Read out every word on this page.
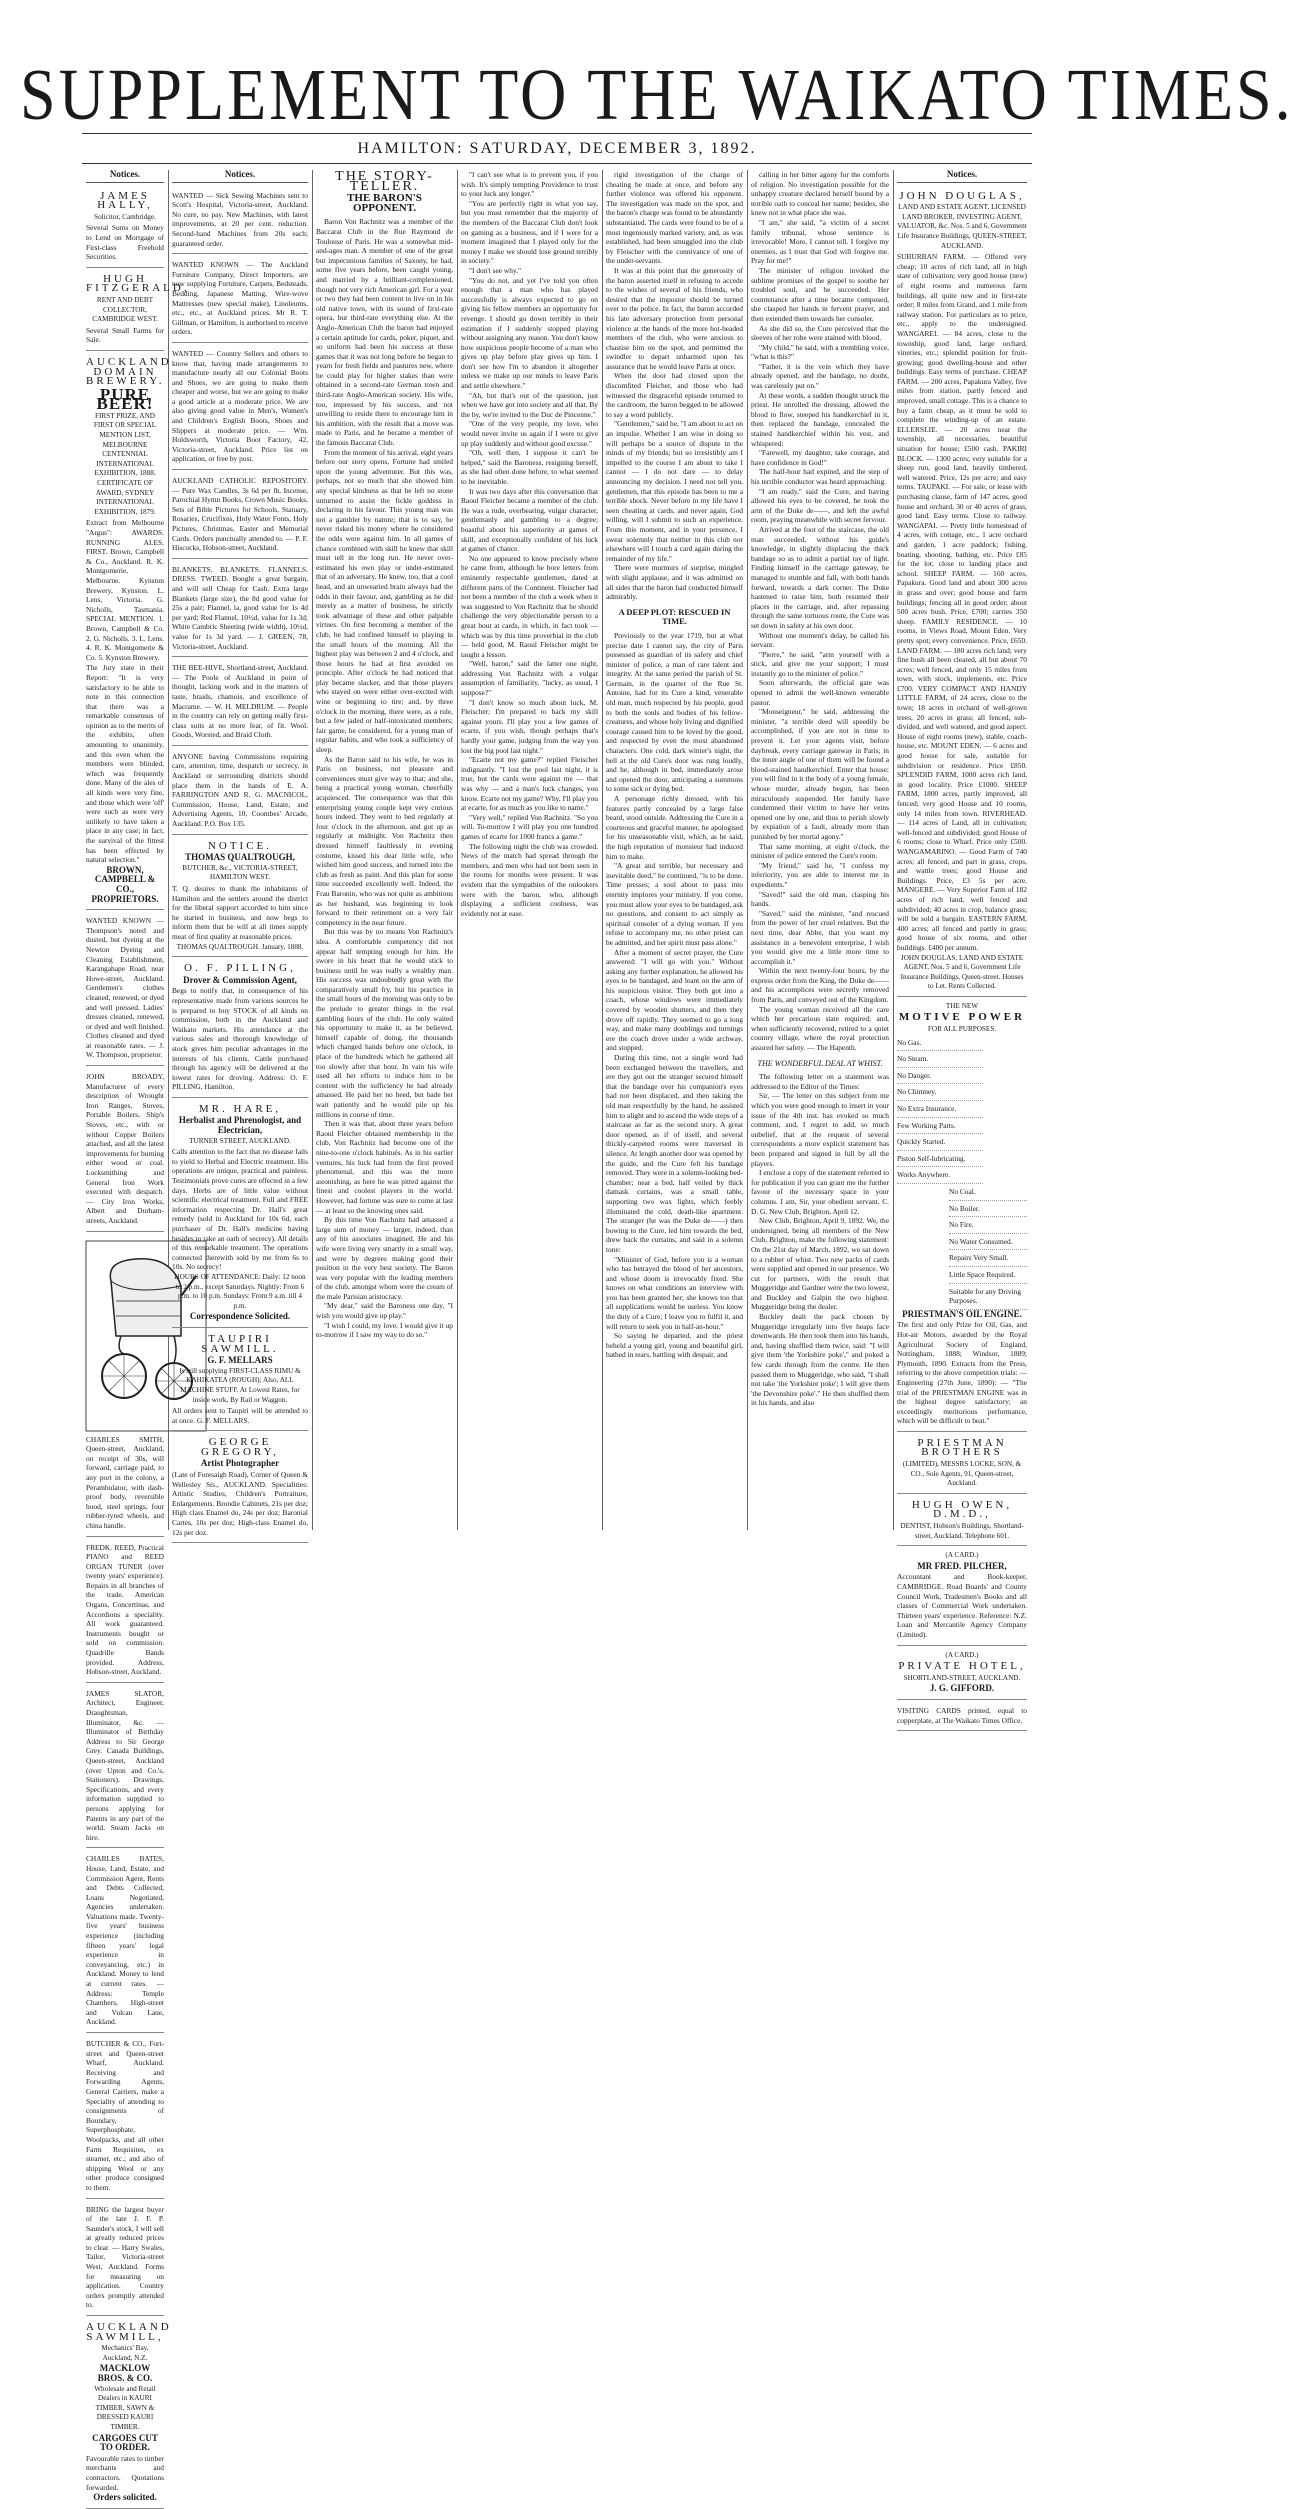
SUPPLEMENT TO THE WAIKATO TIMES.
HAMILTON: SATURDAY, DECEMBER 3, 1892.
Notices.
JAMES HALLY,
Solicitor, Cambridge.

Several Sums on Money to Lend on Mortgage of First-class Freehold Securities.

HUGH FITZGERALD,
RENT AND DEBT COLLECTOR, CAMBRIDGE WEST.

Several Small Farms for Sale.

AUCKLAND DOMAIN BREWERY.
PURE BEER!

FIRST PRIZE, AND FIRST OR SPECIAL MENTION LIST, MELBOURNE CENTENNIAL INTERNATIONAL EXHIBITION, 1888. CERTIFICATE OF AWARD, SYDNEY INTERNATIONAL EXHIBITION, 1879.

Extract from Melbourne "Argus": AWARDS. RUNNING ALES. FIRST. Brown, Campbell & Co., Auckland. R. K. Montgomerie, Melbourne. Kynston Brewery, Kynston. L. Lens, Victoria. G. Nicholls, Tasmania. SPECIAL MENTION. 1. Brown, Campbell & Co. 2. G. Nicholls. 3. L. Lens. 4. R. K. Montgomerie & Co. 5. Kynston Brewery.

The Jury state in their Report: "It is very satisfactory to be able to note in this connection that there was a remarkable consensus of opinion as to the merits of the exhibits, often amounting to unanimity, and this even when the members were blinded, which was frequently done. Many of the ales of all kinds were very fine, and those which were 'off' were such as were very unlikely to have taken a place in any case; in fact, the survival of the fittest has been effected by natural selection."

BROWN, CAMPBELL & CO., PROPRIETORS.

WANTED KNOWN — Thompson's noted and dusted, but dyeing at the Newton Dyeing and Cleaning Establishment, Karangahape Road, near Howe-street, Auckland. Gentlemen's clothes cleaned, renewed, or dyed and well pressed. Ladies' dresses cleaned, renewed, or dyed and well finished. Clothes cleaned and dyed at reasonable rates. — J. W. Thompson, proprietor.

JOHN BROADY, Manufacturer of every description of Wrought Iron Ranges, Stoves, Portable Boilers, Ship's Stoves, etc., with or without Copper Boilers attached, and all the latest improvements for burning either wood or coal. Locksmithing and General Iron Work executed with despatch. — City Iron Works, Albert and Durham-streets, Auckland.

CHARLES SMITH, Queen-street, Auckland, on receipt of 30s, will forward, carriage paid, to any port in the colony, a Perambulator, with dash-proof body, reversible hood, steel springs, four rubber-tyred wheels, and china handle.

FREDK. REED, Practical PIANO and REED ORGAN TUNER (over twenty years' experience). Repairs in all branches of the trade. American Organs, Concertinas, and Accordions a speciality. All work guaranteed. Instruments bought or sold on commission. Quadrille Bands provided. Address, Hobson-street, Auckland.

JAMES SLATOR, Architect, Engineer, Draughtsman, Illuminator, &c. — Illuminator of Birthday Address to Sir George Grey. Canada Buildings, Queen-street, Auckland (over Upton and Co.'s, Stationers). Drawings, Specifications, and every information supplied to persons applying for Patents in any part of the world. Steam Jacks on hire.

CHARLES BATES, House, Land, Estate, and Commission Agent, Rents and Debts Collected, Loans Negotiated, Agencies undertaken. Valuations made. Twenty-five years' business experience (including fifteen years' legal experience in conveyancing, etc.) in Auckland. Money to lend at current rates. — Address: Temple Chambers, High-street and Vulcan Lane, Auckland.

BUTCHER & CO., Fort-street and Queen-street Wharf, Auckland. Receiving and Forwarding Agents, General Carriers, make a Speciality of attending to consignments of Boundary, Superphosphate, Woolpacks, and all other Farm Requisites, ex steamer, etc.; and also of shipping Wool or any other produce consigned to them.

BRING the largest buyer of the late J. F. P. Saunder's stock, I will sell at greatly reduced prices to clear. — Harry Swales, Tailor, Victoria-street West, Auckland. Forms for measuring on application. Country orders promptly attended to.

AUCKLAND SAWMILL,
Mechanics' Bay, Auckland, N.Z.
MACKLOW BROS. & CO.
Wholesale and Retail Dealers in KAURI TIMBER, SAWN & DRESSED KAURI TIMBER.
CARGOES CUT TO ORDER.

Favourable rates to timber merchants and contractors. Quotations forwarded.

Orders solicited.
Notices.

WANTED — Sick Sewing Machines sent to Scott's Hospital, Victoria-street, Auckland. No cure, no pay. New Machines, with latest improvements, at 20 per cent. reduction. Second-hand Machines from 20s each; guaranteed order.

WANTED KNOWN — The Auckland Furniture Company, Direct Importers, are now supplying Furniture, Carpets, Bedsteads, Bedding, Japanese Matting, Wire-wove Mattresses (new special make), Linoleums, etc., etc., at Auckland prices. Mr R. T. Gillman, or Hamilton, is authorised to receive orders.

WANTED — Country Sellers and others to know that, having made arrangements to manufacture nearly all our Colonial Boots and Shoes, we are going to make them cheaper and worse, but we are going to make a good article at a moderate price. We are also giving good value in Men's, Women's and Children's English Boots, Shoes and Slippers at moderate price. — Wm. Holdsworth, Victoria Boot Factory, 42, Victoria-street, Auckland. Price list on application, or free by post.

AUCKLAND CATHOLIC REPOSITORY. — Pure Wax Candles, 3s 6d per lb, Incense, Parochial Hymn Books, Crown Music Books, Sets of Bible Pictures for Schools, Statuary, Rosaries, Crucifixes, Holy Water Fonts, Holy Pictures, Christmas, Easter and Memorial Cards. Orders punctually attended to. — P. F. Hiscocks, Hobson-street, Auckland.

BLANKETS. BLANKETS. FLANNELS. DRESS. TWEED. Bought a great bargain, and will sell Cheap for Cash. Extra large Blankets (large size), the 8d good value for 25s a pair; Flannel, la, good value for 1s 4d per yard; Red Flannel, 10½d, value for 1s 3d; White Cambric Sheeting (wide width), 10½d, value for 1s 3d yard. — J. GREEN, 78, Victoria-street, Auckland.

THE BEE-HIVE, Shortland-street, Auckland. — The Poole of Auckland in point of thought, lacking work and in the matters of taste, braids, chamois, and excellence of Macrame. — W. H. MELDRUM. — People in the country can rely on getting really first-class suits at no more fear, of fit. Wool. Goods, Worsted, and Braid Cloth.

ANYONE having Commissions requiring care, attention, time, despatch or secrecy, in Auckland or surrounding districts should place them in the hands of E. A. FARRINGTON AND R. G. MACNICOL, Commission, House, Land, Estate, and Advertising Agents, 10, Coombes' Arcade, Auckland. P.O. Box 135.

NOTICE.
THOMAS QUALTROUGH,
BUTCHER, &c., VICTORIA-STREET, HAMILTON WEST.

T. Q. desires to thank the inhabitants of Hamilton and the settlers around the district for the liberal support accorded to him since he started in business, and now begs to inform them that he will at all times supply meat of first quality at reasonable prices.

THOMAS QUALTROUGH. January, 1888.
O. F. PILLING,
Drover & Commission Agent,

Begs to notify that, in consequence of his representative made from various sources he is prepared to buy STOCK of all kinds on commission, both in the Auckland and Waikato markets. His attendance at the various sales and thorough knowledge of stock gives him peculiar advantages in the interests of his clients. Cattle purchased through his agency will be delivered at the lowest rates for droving. Address: O. F. PILLING, Hamilton.

MR. HARE,
Herbalist and Phrenologist, and Electrician,
TURNER STREET, AUCKLAND.

Calls attention to the fact that no disease fails to yield to Herbal and Electric treatment. His operations are unique, practical and painless. Testimonials prove cures are effected in a few days. Herbs are of little value without scientific electrical treatment. Full and FREE information respecting Dr. Hall's great remedy (sold in Auckland for 10s 6d, each purchaser of Dr. Hall's medicine having besides to take an oath of secrecy). All details of this remarkable treatment. The operations connected therewith sold by me from 6s to 10s. No secrecy!

HOURS OF ATTENDANCE: Daily: 12 noon to 2 p.m., except Saturdays. Nightly: From 6 p.m. to 10 p.m. Sundays: From 9 a.m. till 4 p.m.

Correspondence Solicited.
TAUPIRI SAWMILL.
G. F. MELLARS

Is still supplying FIRST-CLASS RIMU & KAHIKATEA (ROUGH); Also, ALL MACHINE STUFF. At Lowest Rates, for inside work, By Rail or Waggon.

All orders sent to Taupiri will be attended to at once. G. F. MELLARS.

GEORGE GREGORY,
Artist Photographer

(Late of Foresaigh Road), Corner of Queen & Wellesley Sts., AUCKLAND. Specialities: Artistic Studies, Children's Portraiture, Enlargements. Brondie Cabinets, 21s per doz; High class Enamel do, 24s per doz; Baronial Cartes, 10s per doz; High-class Enamel do, 12s per doz.

THE STORY-TELLER.
THE BARON'S OPPONENT.

Baron Von Rachnitz was a member of the Baccarat Club in the Rue Raymond de Toulouse of Paris. He was a somewhat mid-and-ages man. A member of one of the great but impecunious families of Saxony, he had, some five years before, been caught young, and married by a brilliant-complexioned, though not very rich American girl. For a year or two they had been content to live on in his old native town, with its sound of first-rate opera, but third-rate everything else. At the Anglo-American Club the baron had enjoyed a certain aptitude for cards, poker, piquet, and so uniform had been his success at these games that it was not long before he began to yearn for fresh fields and pastures new, where he could play for higher stakes than were obtained in a second-rate German town and third-rate Anglo-American society. His wife, too, impressed by his success, and not unwilling to reside there to encourage him in his ambition, with the result that a move was made to Paris, and he became a member of the famous Baccarat Club.

From the moment of his arrival, eight years before our story opens, Fortune had smiled upon the young adventurer. But this was, perhaps, not so much that she showed him any special kindness as that he left no stone unturned to assist the fickle goddess in declaring in his favour. This young man was not a gambler by nature; that is to say, he never risked his money where he considered the odds were against him. In all games of chance combined with skill he knew that skill must tell in the long run. He never over-estimated his own play or under-estimated that of an adversary. He knew, too, that a cool head, and an unwearied brain always had the odds in their favour, and, gambling as he did merely as a matter of business, he strictly took advantage of these and other palpable virtues. On first becoming a member of the club, he had confined himself to playing in the small hours of the morning. All the highest play was between 2 and 4 o'clock, and those hours he had at first avoided on principle. After o'clock he had noticed that play became slacker, and that those players who stayed on were either over-excited with wine or beginning to tire; and, by three o'clock in the morning, there were, as a rule, but a few jaded or half-intoxicated members; fair game, he considered, for a young man of regular habits, and who took a sufficiency of sleep.

As the Baron said to his wife, he was in Paris on business, not pleasure and conveniences must give way to that; and she, being a practical young woman, cheerfully acquiesced. The consequence was that this enterprising young couple kept very curious hours indeed. They went to bed regularly at four o'clock in the afternoon, and got up as regularly at midnight. Von Rachnitz then dressed himself faultlessly in evening costume, kissed his dear little wife, who wished him good success, and turned into the club as fresh as paint. And this plan for some time succeeded excellently well. Indeed, the Frau Baronin, who was not quite as ambitious as her husband, was beginning to look forward to their retirement on a very fair competency in the near future.

But this was by no means Von Rachnitz's idea. A comfortable competency did not appear half tempting enough for him. He swore in his heart that he would stick to business until he was really a wealthy man. His success was undoubtedly great with the comparatively small fry, but his practice in the small hours of the morning was only to be the prelude to greater things in the real gambling hours of the club. He only waited his opportunity to make it, as he believed, himself capable of doing, the thousands which changed hands before one o'clock, in place of the hundreds which he gathered all too slowly after that hour. In vain his wife used all her efforts to induce him to be content with the sufficiency he had already amassed. He paid her no heed, but bade her wait patiently and he would pile up his millions in course of time.

Then it was that, about three years before Raoul Fleicher obtained membership in the club, Von Rachnitz had become one of the nine-to-one o'clock habitués. As in his earlier ventures, his luck had from the first proved phenomenal, and this was the more astonishing, as here he was pitted against the finest and coolest players in the world. However, had fortune was sure to come at last — at least so the knowing ones said.

By this time Von Rachnitz had amassed a large sum of money — larger, indeed, than any of his associates imagined. He and his wife were living very smartly in a small way, and were by degrees making good their position in the very best society. The Baron was very popular with the leading members of the club, amongst whom were the cream of the male Parisian aristocracy.

"My dear," said the Baroness one day, "I wish you would give up play."

"I wish I could, my love. I would give it up to-morrow if I saw my way to do so."

"I can't see what is to prevent you, if you wish. It's simply tempting Providence to trust to your luck any longer."

"You are perfectly right in what you say, but you must remember that the majority of the members of the Baccarat Club don't look on gaming as a business, and if I were for a moment imagined that I played only for the money I make we should lose ground terribly in society."

"I don't see why."

"You do not, and yet I've told you often enough that a man who has played successfully is always expected to go on giving his fellow members an opportunity for revenge. I should go down terribly in their estimation if I suddenly stopped playing without assigning any reason. You don't know how suspicious people become of a man who gives up play before play gives up him. I don't see how I'm to abandon it altogether unless we make up our minds to leave Paris and settle elsewhere."

"Ah, but that's out of the question, just when we have got into society and all that. By the by, we're invited to the Duc de Pincenne."

"One of the very people, my love, who would never invite us again if I were to give up play suddenly and without good excuse."

"Oh, well then, I suppose it can't be helped," said the Baroness, resigning herself, as she had often done before, to what seemed to be inevitable.

It was two days after this conversation that Raoul Fleicher became a member of the club. He was a rude, overbearing, vulgar character, gentlemanly and gambling to a degree; boastful about his superiority at games of skill, and exceptionally confident of his luck at games of chance.

No one appeared to know precisely where he came from, although he bore letters from eminently respectable gentlemen, dated at different parts of the Continent. Fleischer had not been a member of the club a week when it was suggested to Von Rachnitz that he should challenge the very objectionable person to a great bout at cards, in which, in fact took — which was by this time proverbial in the club — held good, M. Raoul Fleischer might be taught a lesson.

"Well, baron," said the latter one night, addressing Von Rachnitz with a vulgar assumption of familiarity, "lucky, as usual, I suppose?"

"I don't know so much about luck, M. Fleischer; I'm prepared to back my skill against yours. I'll play you a few games of ecarte, if you wish, though perhaps that's hardly your game, judging from the way you lost the big pool last night."

"Ecarte not my game?" replied Fleischer indignantly. "I lost the pool last night, it is true, but the cards were against me — that was why — and a man's luck changes, you know. Ecarte not my game? Why, I'll play you at ecarte, for as much as you like to name."

"Very well," replied Von Rachnitz. "So you will. To-morrow I will play you one hundred games of ecarte for 1000 francs a game."

The following night the club was crowded. News of the match had spread through the members, and men who had not been seen in the rooms for months were present. It was evident that the sympathies of the onlookers were with the baron, who, although displaying a sufficient coolness, was evidently not at ease.

rigid investigation of the charge of cheating be made at once, and before any further violence was offered his opponent. The investigation was made on the spot, and the baron's charge was found to be abundantly substantiated. The cards were found to be of a most ingeniously marked variety, and, as was established, had been smuggled into the club by Fleischer with the connivance of one of the under-servants.

It was at this point that the generosity of the baron asserted itself in refusing to accede to the wishes of several of his friends, who desired that the impostor should be turned over to the police. In fact, the baron accorded his late adversary protection from personal violence at the hands of the more hot-headed members of the club, who were anxious to chastise him on the spot, and permitted the swindler to depart unharmed upon his assurance that he would leave Paris at once.

When the door had closed upon the discomfited Fleicher, and those who had witnessed the disgraceful episode returned to the cardroom, the baron begged to be allowed to say a word publicly.

"Gentlemen," said he, "I am about to act on an impulse. Whether I am wise in doing so will perhaps be a source of dispute in the minds of my friends; but so irresistibly am I impelled to the course I am about to take I cannot — I do not dare — to delay announcing my decision. I need not tell you, gentlemen, that this episode has been to me a terrible shock. Never before in my life have I seen cheating at cards, and never again, God willing, will I submit to such an experience. From this moment, and in your presence, I swear solemnly that neither in this club nor elsewhere will I touch a card again during the remainder of my life."

There were murmurs of surprise, mingled with slight applause, and it was admitted on all sides that the baron had conducted himself admirably.

A DEEP PLOT: RESCUED IN TIME.

Previously to the year 1719, but at what precise date I cannot say, the city of Paris possessed as guardian of its safety and chief minister of police, a man of rare talent and integrity. At the same period the parish of St. Germain, in the quarter of the Rue St. Antoine, had for its Cure a kind, venerable old man, much respected by his people, good to both the souls and bodies of his fellow-creatures, and whose holy living and dignified courage caused him to be loved by the good, and respected by even the most abandoned characters. One cold, dark winter's night, the bell at the old Cure's door was rung loudly, and he, although in bed, immediately arose and opened the door, anticipating a summons to some sick or dying bed.

A personage richly dressed, with his features partly concealed by a large false beard, stood outside. Addressing the Cure in a courteous and graceful manner, he apologised for his unseasonable visit, which, as he said, the high reputation of monsieur had induced him to make.

"A great and terrible, but necessary and inevitable deed," he continued, "is to be done. Time presses; a soul about to pass into eternity implores your ministry. If you come, you must allow your eyes to be bandaged, ask no questions, and consent to act simply as spiritual consoler of a dying woman. If you refuse to accompany me, no other priest can be admitted, and her spirit must pass alone."

After a moment of secret prayer, the Cure answered: "I will go with you." Without asking any further explanation, he allowed his eyes to be bandaged, and leant on the arm of his suspicious visitor. They both got into a coach, whose windows were immediately covered by wooden shutters, and then they drove off rapidly. They seemed to go a long way, and make many doublings and turnings ere the coach drove under a wide archway, and stopped.

During this time, not a single word had been exchanged between the travellers, and ere they got out the stranger secured himself that the bandage over his companion's eyes had not been displaced, and then taking the old man respectfully by the hand, he assisted him to alight and to ascend the wide steps of a staircase as far as the second story. A great door opened, as if of itself, and several thickly-carpeted rooms were traversed in silence. At length another door was opened by the guide, and the Cure felt his bandage removed. They were in a solemn-looking bed-chamber; near a bed, half veiled by thick damask curtains, was a small table, supporting two wax lights, which feebly illuminated the cold, death-like apartment. The stranger (he was the Duke de——) then bowing to the Cure, led him towards the bed, drew back the curtains, and said in a solemn tone:

"Minister of God, before you is a woman who has betrayed the blood of her ancestors, and whose doom is irrevocably fixed. She knows on what conditions an interview with you has been granted her; she knows too that all supplications would be useless. You know the duty of a Cure; I leave you to fulfil it, and will return to seek you in half-an-hour."

So saying he departed, and the priest beheld a young girl, young and beautiful girl, bathed in tears, battling with despair, and

calling in her bitter agony for the comforts of religion. No investigation possible for the unhappy creature declared herself bound by a terrible oath to conceal her name; besides, she knew not in what place she was.

"I am," she said, "a victim of a secret family tribunal, whose sentence is irrevocable! More, I cannot tell. I forgive my enemies, as I trust that God will forgive me. Pray for me!"

The minister of religion invoked the sublime promises of the gospel to soothe her troubled soul, and he succeeded. Her countenance after a time became composed, she clasped her hands in fervent prayer, and then extended them towards her consoler.

As she did so, the Cure perceived that the sleeves of her robe were stained with blood.

"My child," he said, with a trembling voice, "what is this?"

"Father, it is the vein which they have already opened, and the bandage, no doubt, was carelessly put on."

At these words, a sudden thought struck the priest. He unrolled the dressing, allowed the blood to flow, steeped his handkerchief in it, then replaced the bandage, concealed the stained handkerchief within his vest, and whispered:

"Farewell, my daughter, take courage, and have confidence in God!"

The half-hour had expired, and the step of his terrible conductor was heard approaching.

"I am ready," said the Cure, and having allowed his eyes to be covered, he took the arm of the Duke de——, and left the awful room, praying meanwhile with secret fervour.

Arrived at the foot of the staircase, the old man succeeded, without his guide's knowledge, in slightly displacing the thick bandage so as to admit a partial ray of light. Finding himself in the carriage gateway, he managed to stumble and fall, with both hands forward, towards a dark corner. The Duke hastened to raise him, both resumed their places in the carriage, and, after repassing through the same tortuous route, the Cure was set down in safety at his own door.

Without one moment's delay, he called his servant.

"Pierre," he said, "arm yourself with a stick, and give me your support; I must instantly go to the minister of police."

Soon afterwards, the official gate was opened to admit the well-known venerable pastor.

"Monseigneur," he said, addressing the minister, "a terrible deed will speedily be accomplished, if you are not in time to prevent it. Let your agents visit, before daybreak, every carriage gateway in Paris; in the inner angle of one of them will be found a blood-stained handkerchief. Enter that house; you will find in it the body of a young female, whose murder, already begun, has been miraculously suspended. Her family have condemned their victim to have her veins opened one by one, and thus to perish slowly by expiation of a fault, already more than punished by her mortal agony."

That same morning, at eight o'clock, the minister of police entered the Cure's room.

"My friend," said he, "I confess my inferiority, you are able to interest me in expedients."

"Saved!" said the old man, clasping his hands.

"Saved," said the minister, "and rescued from the power of her cruel relatives. But the next time, dear Abbe, that you want my assistance in a benevolent enterprise, I wish you would give me a little more time to accomplish it."

Within the next twenty-four hours, by the express order from the King, the Duke de—— and his accomplices were secretly removed from Paris, and conveyed out of the Kingdom.

The young woman received all the care which her precarious state required; and, when sufficiently recovered, retired to a quiet country village, where the royal protection assured her safety. — The Hapenth.

THE WONDERFUL DEAL AT WHIST.

The following letter on a statement was addressed to the Editor of the Times:

Sir, — The letter on this subject from me which you were good enough to insert in your issue of the 4th inst. has evoked so much comment, and, I regret to add, so much unbelief, that at the request of several correspondents a more explicit statement has been prepared and signed in full by all the players.

I enclose a copy of the statement referred to for publication if you can grant me the further favour of the necessary space in your columns. I am, Sir, your obedient servant, C. D. G. New Club, Brighton, April 12.

New Club, Brighton, April 9, 1892. We, the undersigned, being all members of the New Club, Brighton, make the following statement: On the 21st day of March, 1892, we sat down to a rubber of whist. Two new packs of cards were supplied and opened in our presence. We cut for partners, with the result that Muggeridge and Gardner were the two lowest, and Buckley and Galpin the two highest. Muggeridge being the dealer.

Buckley dealt the pack chosen by Muggeridge irregularly into five heaps face downwards. He then took them into his hands, and, having shuffled them twice, said: "I will give them 'the Yorkshire poke'," and poked a few cards through from the centre. He then passed them to Muggeridge, who said, "I shall not take 'the Yorkshire poke'; I will give them 'the Devonshire poke'." He then shuffled them in his hands, and also

Notices.
JOHN DOUGLAS,
LAND AND ESTATE AGENT, LICENSED LAND BROKER, INVESTING AGENT, VALUATOR, &c. Nos. 5 and 6, Government Life Insurance Buildings, QUEEN-STREET, AUCKLAND.

SUBURBAN FARM. — Offered very cheap; 10 acres of rich land, all in high state of cultivation; very good house (new) of eight rooms and numerous farm buildings, all quite new and in first-rate order; 8 miles from Grand, and 1 mile from railway station. For particulars as to price, etc., apply to the undersigned. WANGAREI. — 84 acres, close to the township, good land, large orchard, vineries, etc.; splendid position for fruit-growing; good dwelling-house and other buildings. Easy terms of purchase. CHEAP FARM. — 200 acres, Papakura Valley, five miles from station, partly fenced and improved, small cottage. This is a chance to buy a farm cheap, as it must be sold to complete the winding-up of an estate. ELLERSLIE. — 20 acres near the township, all necessaries, beautiful situation for house; £500 cash. PAKIRI BLOCK. — 1300 acres; very suitable for a sheep run, good land, heavily timbered, well watered. Price, 12s per acre; and easy terms. TAUPAKI. — For sale, or lease with purchasing clause, farm of 147 acres, good house and orchard, 30 or 40 acres of grass, good land. Easy terms. Close to railway. WANGAPAI. — Pretty little homestead of 4 acres, with cottage, etc., 1 acre orchard and garden, 1 acre paddock; fishing, boating, shooting, bathing, etc. Price £85 for the lot; close to landing place and school. SHEEP FARM. — 160 acres, Papakura. Good land and about 300 acres in grass and over; good house and farm buildings; fencing all in good order; about 500 acres bush. Price, £700; carries 350 sheep. FAMILY RESIDENCE. — 10 rooms, in Views Road, Mount Eden. Very pretty spot; every convenience. Price, £650. LAND FARM. — 180 acres rich land; very fine bush all been cleared, all but about 70 acres; well fenced, and only 15 miles from town, with stock, implements, etc. Price £700. VERY COMPACT AND HANDY LITTLE FARM, of 24 acres, close to the town; 18 acres in orchard of well-grown trees, 20 acres in grass; all fenced, sub-divided, and well watered, and good aspect. House of eight rooms (new), stable, coach-house, etc. MOUNT EDEN. — 6 acres and good house for sale, suitable for subdivision or residence. Price £850. SPLENDID FARM, 1000 acres rich land, in good locality. Price £1000. SHEEP FARM, 1800 acres, partly improved, all fenced; very good House and 10 rooms, only 14 miles from town. RIVERHEAD. — 114 acres of Land, all in cultivation; well-fenced and subdivided; good House of 6 rooms; close to Wharf. Price only £500. WANGAMARINO. — Good Farm of 740 acres; all fenced, and part in grass, crops, and wattle trees; good House and Buildings. Price, £3 5s per acre. MANGERE. — Very Superior Farm of 182 acres of rich land, well fenced and subdivided; 40 acres in crop, balance grass; will be sold a bargain. EASTERN FARM, 400 acres; all fenced and partly in grass; good house of six rooms, and other buildings. £400 per annum.

JOHN DOUGLAS, LAND AND ESTATE AGENT, Nos. 5 and 6, Government Life Insurance Buildings, Queen-street. Houses to Let. Rents Collected.
THE NEW
MOTIVE POWER
FOR ALL PURPOSES.
No Gas.
No Steam.
No Danger.
No Chimney.
No Extra Insurance.
Few Working Parts.
Quickly Started.
Piston Self-lubricating.
Works Anywhere.
No Coal.
No Boiler.
No Fire.
No Water Consumed.
Repairs Very Small.
Little Space Required.
Suitable for any Driving Purposes.
PRIESTMAN'S OIL ENGINE.

The first and only Prize for Oil, Gas, and Hot-air Motors, awarded by the Royal Agricultural Society of England, Nottingham, 1888; Windsor, 1889; Plymouth, 1890. Extracts from the Press, referring to the above competition trials: — Engineering (27th June, 1890): — "The trial of the PRIESTMAN ENGINE was in the highest degree satisfactory; an exceedingly meritorious performance, which will be difficult to beat."

PRIESTMAN BROTHERS
(LIMITED), MESSRS LOCKE, SON, & CO., Sole Agents, 91, Queen-street, Auckland.
HUGH OWEN, D.M.D.,
DENTIST, Hobson's Buildings, Shortland-street, Auckland. Telephone 601.
(A CARD.)
MR FRED. PILCHER,

Accountant and Book-keeper, CAMBRIDGE. Road Boards' and County Council Work, Tradesmen's Books and all classes of Commercial Work undertaken. Thirteen years' experience. Reference: N.Z. Loan and Mercantile Agency Company (Limited).

(A CARD.)
PRIVATE HOTEL,
SHORTLAND-STREET, AUCKLAND.
J. G. GIFFORD.

VISITING CARDS printed, equal to copperplate, at The Waikato Times Office.
